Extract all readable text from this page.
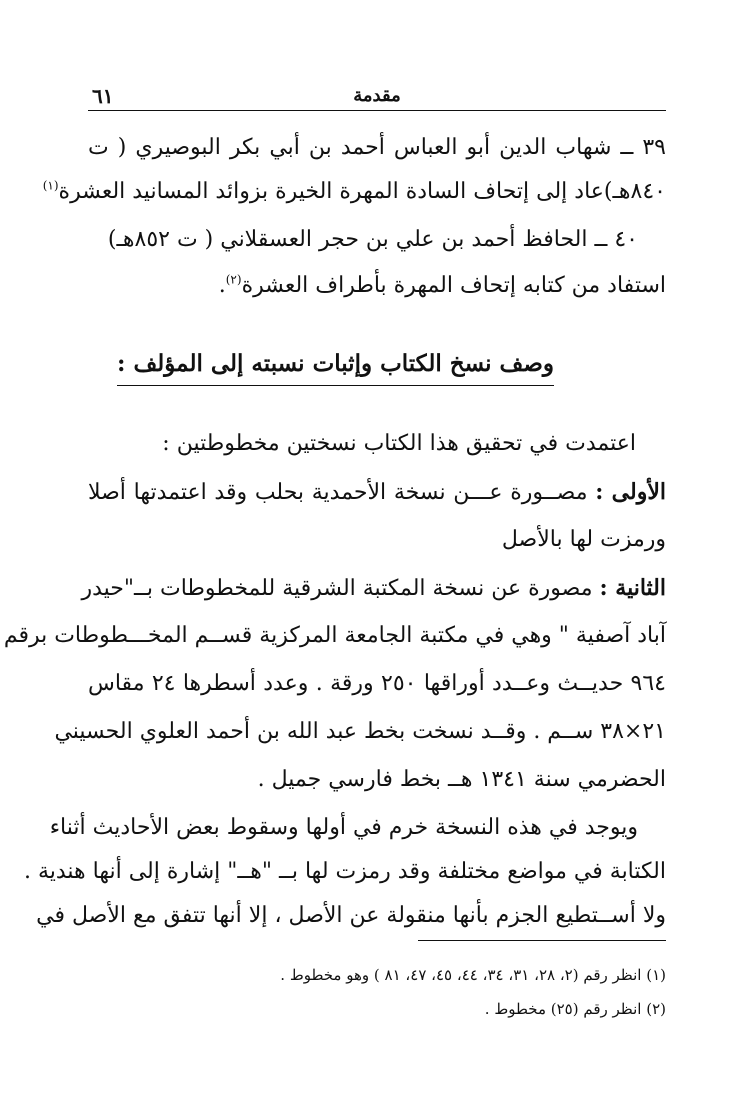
مقدمة
٦١
٣٩ ــ شهاب الدين أبو العباس أحمد بن أبي بكر البوصيري ( ت
٨٤٠هـ)عاد إلى إتحاف السادة المهرة الخيرة بزوائد المسانيد العشرة$^{(١)}$
٤٠ ــ الحافظ أحمد بن علي بن حجر العسقلاني ( ت ٨٥٢هـ)
استفاد من كتابه إتحاف المهرة بأطراف العشرة$^{(٢)}$.
وصف نسخ الكتاب وإثبات نسبته إلى المؤلف :
اعتمدت في تحقيق هذا الكتاب نسختين مخطوطتين :
الأولى : مصــورة عـــن نسخة الأحمدية بحلب وقد اعتمدتها أصلا
ورمزت لها بالأصل
الثانية : مصورة عن نسخة المكتبة الشرقية للمخطوطات بــ"حيدر
آباد آصفية " وهي في مكتبة الجامعة المركزية قســم المخـــطوطات برقم
٩٦٤ حديــث وعــدد أوراقها ٢٥٠ ورقة . وعدد أسطرها ٢٤ مقاس
٢١×٣٨ ســم . وقــد نسخت بخط عبد الله بن أحمد العلوي الحسيني
الحضرمي سنة ١٣٤١ هــ بخط فارسي جميل .
ويوجد في هذه النسخة خرم في أولها وسقوط بعض الأحاديث أثناء
الكتابة في مواضع مختلفة وقد رمزت لها بــ "هــ" إشارة إلى أنها هندية .
ولا أســتطيع الجزم بأنها منقولة عن الأصل ، إلا أنها تتفق مع الأصل في
(١) انظر رقم (٢، ٢٨، ٣١، ٣٤، ٤٤، ٤٥، ٤٧، ٨١ ) وهو مخطوط .
(٢) انظر رقم (٢٥) مخطوط .
